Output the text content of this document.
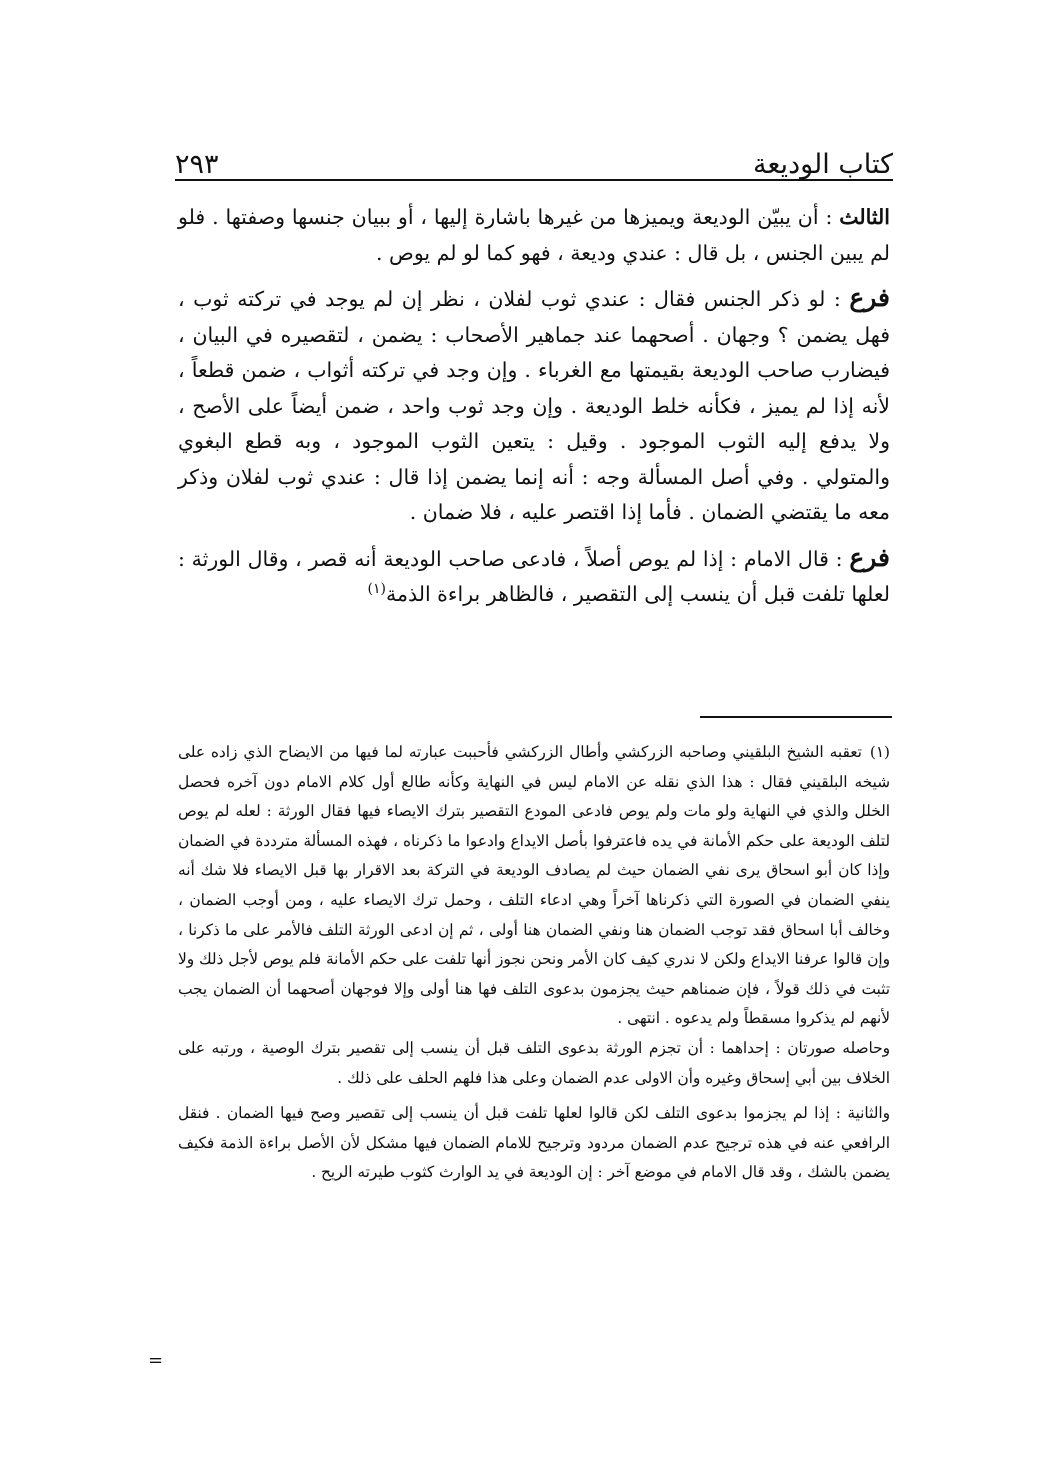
كتاب الوديعة
٢٩٣

الثالث : أن يبيّن الوديعة ويميزها من غيرها باشارة إليها ، أو ببيان جنسها وصفتها . فلو لم يبين الجنس ، بل قال : عندي وديعة ، فهو كما لو لم يوص .

فرع : لو ذكر الجنس فقال : عندي ثوب لفلان ، نظر إن لم يوجد في تركته ثوب ، فهل يضمن ؟ وجهان . أصحهما عند جماهير الأصحاب : يضمن ، لتقصيره في البيان ، فيضارب صاحب الوديعة بقيمتها مع الغرباء . وإن وجد في تركته أثواب ، ضمن قطعاً ، لأنه إذا لم يميز ، فكأنه خلط الوديعة . وإن وجد ثوب واحد ، ضمن أيضاً على الأصح ، ولا يدفع إليه الثوب الموجود . وقيل : يتعين الثوب الموجود ، وبه قطع البغوي والمتولي . وفي أصل المسألة وجه : أنه إنما يضمن إذا قال : عندي ثوب لفلان وذكر معه ما يقتضي الضمان . فأما إذا اقتصر عليه ، فلا ضمان .

فرع : قال الامام : إذا لم يوص أصلاً ، فادعى صاحب الوديعة أنه قصر ، وقال الورثة : لعلها تلفت قبل أن ينسب إلى التقصير ، فالظاهر براءة الذمة$^{(١)}$

(١)تعقبه الشيخ البلقيني وصاحبه الزركشي وأطال الزركشي فأحببت عبارته لما فيها من الايضاح الذي زاده على شيخه البلقيني فقال : هذا الذي نقله عن الامام ليس في النهاية وكأنه طالع أول كلام الامام دون آخره فحصل الخلل والذي في النهاية ولو مات ولم يوص فادعى المودع التقصير بترك الايصاء فيها فقال الورثة : لعله لم يوص لتلف الوديعة على حكم الأمانة في يده فاعترفوا بأصل الايداع وادعوا ما ذكرناه ، فهذه المسألة مترددة في الضمان وإذا كان أبو اسحاق يرى نفي الضمان حيث لم يصادف الوديعة في التركة بعد الاقرار بها قبل الايصاء فلا شك أنه ينفي الضمان في الصورة التي ذكرناها آخراً وهي ادعاء التلف ، وحمل ترك الايصاء عليه ، ومن أوجب الضمان ، وخالف أبا اسحاق فقد توجب الضمان هنا ونفي الضمان هنا أولى ، ثم إن ادعى الورثة التلف فالأمر على ما ذكرنا ، وإن قالوا عرفنا الايداع ولكن لا ندري كيف كان الأمر ونحن نجوز أنها تلفت على حكم الأمانة فلم يوص لأجل ذلك ولا تثبت في ذلك قولاً ، فإن ضمناهم حيث يجزمون بدعوى التلف فها هنا أولى وإلا فوجهان أصحهما أن الضمان يجب لأنهم لم يذكروا مسقطاً ولم يدعوه . انتهى .

وحاصله صورتان : إحداهما : أن تجزم الورثة بدعوى التلف قبل أن ينسب إلى تقصير بترك الوصية ، ورتبه على الخلاف بين أبي إسحاق وغيره وأن الاولى عدم الضمان وعلى هذا فلهم الحلف على ذلك .

والثانية : إذا لم يجزموا بدعوى التلف لكن قالوا لعلها تلفت قبل أن ينسب إلى تقصير وصح فيها الضمان . فنقل الرافعي عنه في هذه ترجيح عدم الضمان مردود وترجيح للامام الضمان فيها مشكل لأن الأصل براءة الذمة فكيف يضمن بالشك ، وقد قال الامام في موضع آخر : إن الوديعة في يد الوارث كثوب طيرته الريح .

=
